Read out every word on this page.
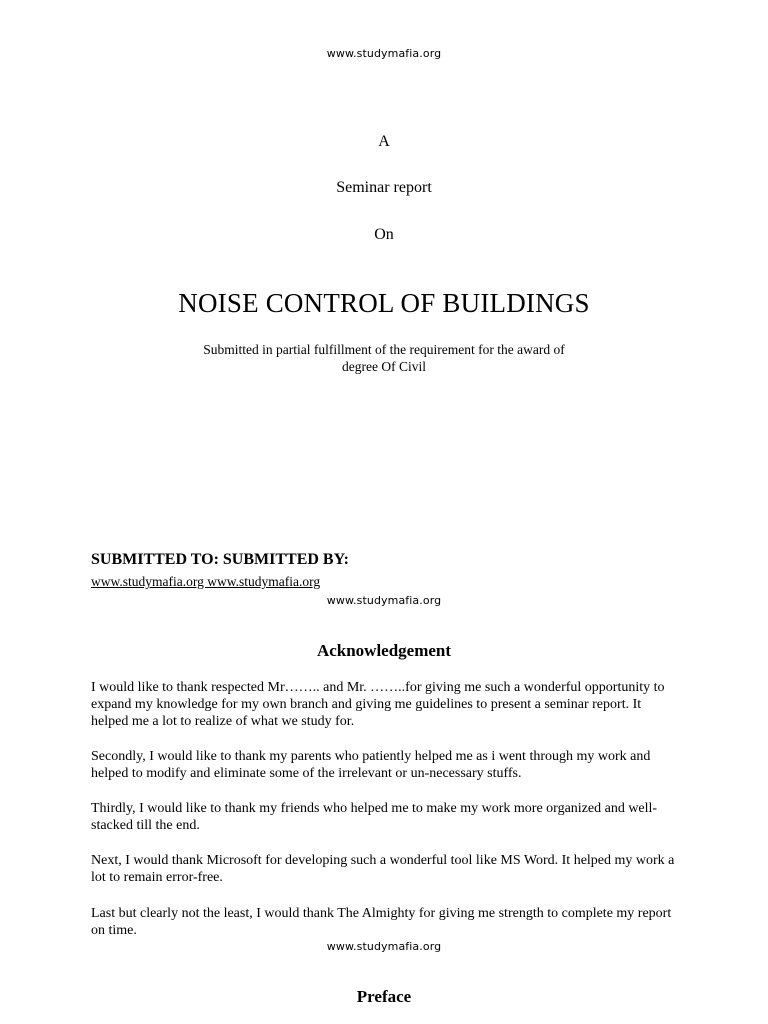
www.studymafia.org
A
Seminar report
On
NOISE CONTROL OF BUILDINGS
Submitted in partial fulfillment of the requirement for the award of
degree Of Civil
SUBMITTED TO: SUBMITTED BY:
www.studymafia.org www.studymafia.org
www.studymafia.org
Acknowledgement
I would like to thank respected Mr…….. and Mr. ……..for giving me such a wonderful opportunity to expand my knowledge for my own branch and giving me guidelines to present a seminar report. It helped me a lot to realize of what we study for.
Secondly, I would like to thank my parents who patiently helped me as i went through my work and helped to modify and eliminate some of the irrelevant or un-necessary stuffs.
Thirdly, I would like to thank my friends who helped me to make my work more organized and well-stacked till the end.
Next, I would thank Microsoft for developing such a wonderful tool like MS Word. It helped my work a lot to remain error-free.
Last but clearly not the least, I would thank The Almighty for giving me strength to complete my report on time.
www.studymafia.org
Preface
